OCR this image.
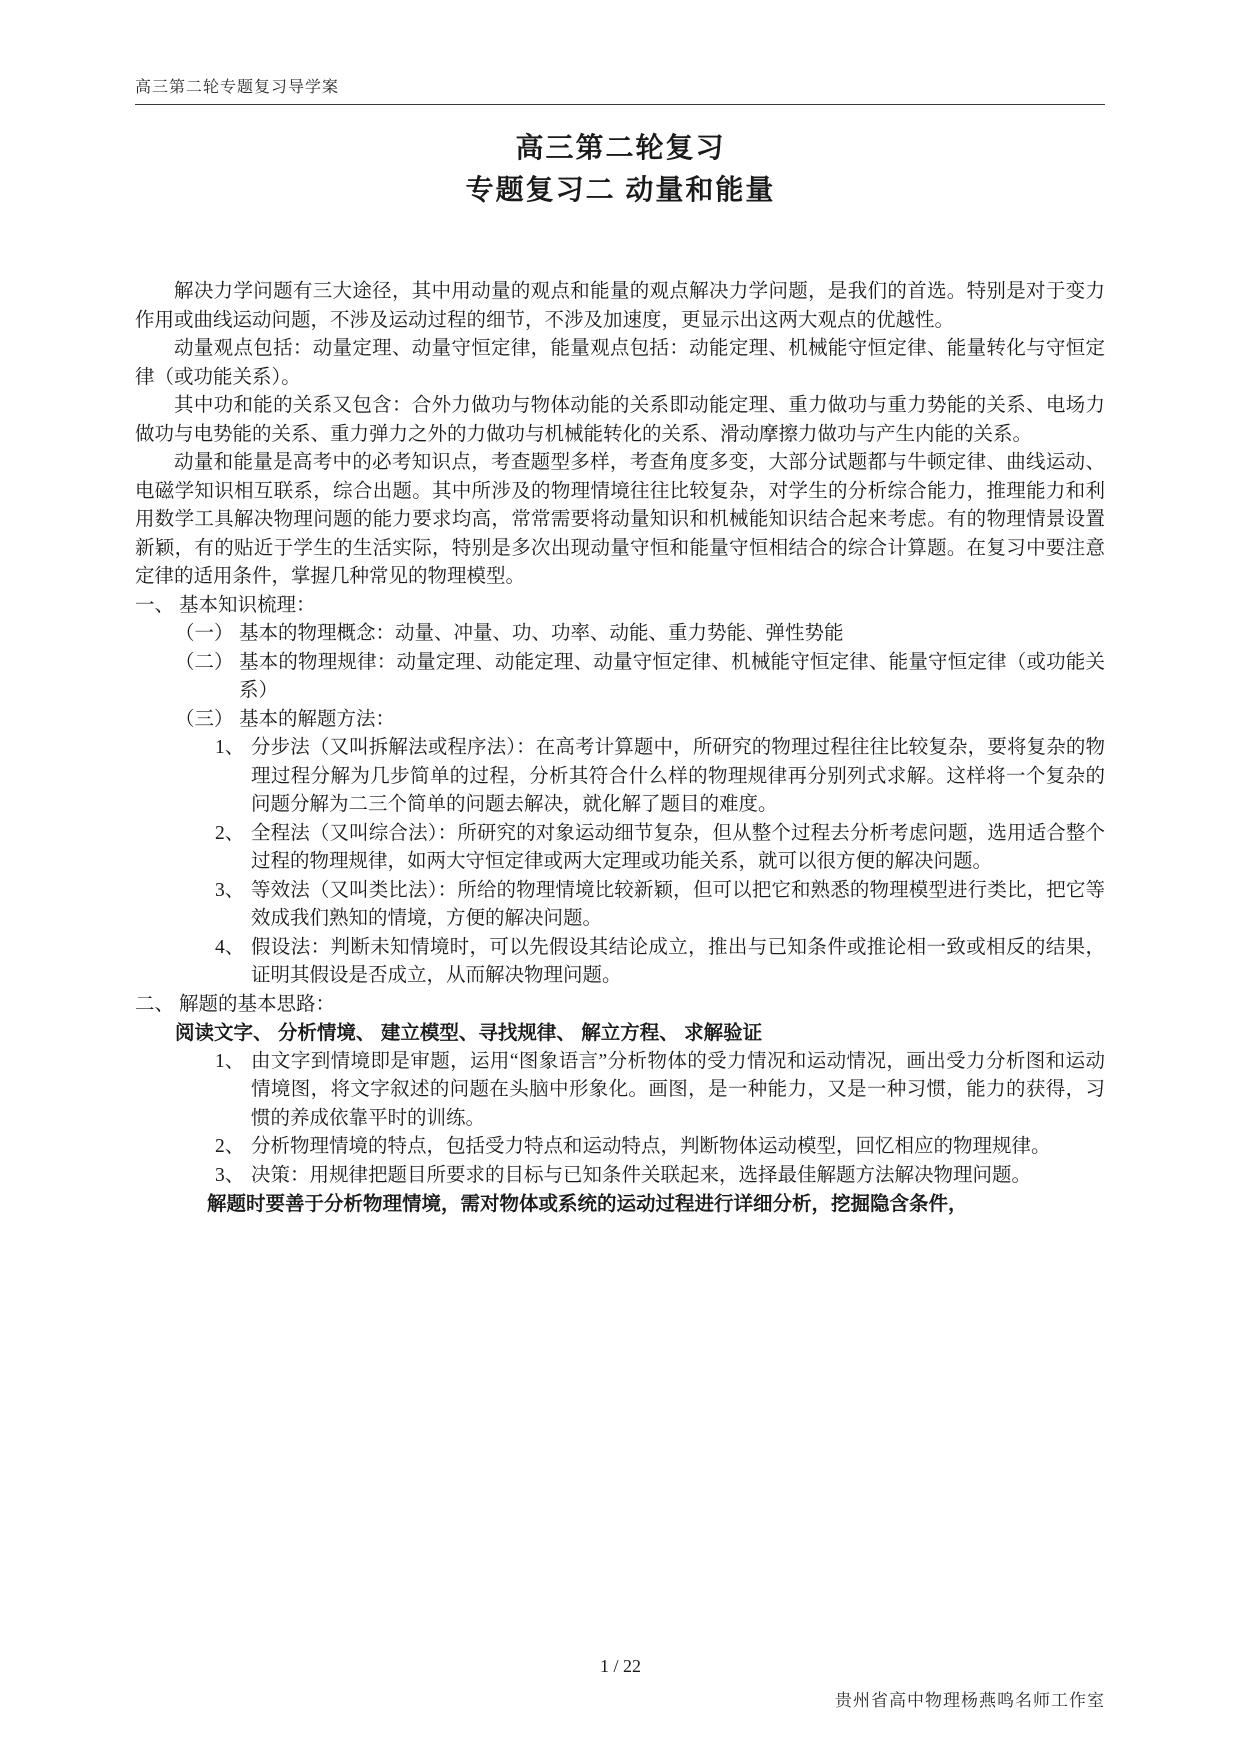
高三第二轮专题复习导学案
高三第二轮复习
专题复习二 动量和能量

解决力学问题有三大途径，其中用动量的观点和能量的观点解决力学问题，是我们的首选。特别是对于变力作用或曲线运动问题，不涉及运动过程的细节，不涉及加速度，更显示出这两大观点的优越性。

动量观点包括：动量定理、动量守恒定律，能量观点包括：动能定理、机械能守恒定律、能量转化与守恒定律（或功能关系）。

其中功和能的关系又包含：合外力做功与物体动能的关系即动能定理、重力做功与重力势能的关系、电场力做功与电势能的关系、重力弹力之外的力做功与机械能转化的关系、滑动摩擦力做功与产生内能的关系。

动量和能量是高考中的必考知识点，考查题型多样，考查角度多变，大部分试题都与牛顿定律、曲线运动、电磁学知识相互联系，综合出题。其中所涉及的物理情境往往比较复杂，对学生的分析综合能力，推理能力和利用数学工具解决物理问题的能力要求均高，常常需要将动量知识和机械能知识结合起来考虑。有的物理情景设置新颖，有的贴近于学生的生活实际，特别是多次出现动量守恒和能量守恒相结合的综合计算题。在复习中要注意定律的适用条件，掌握几种常见的物理模型。

一、 基本知识梳理：
（一） 基本的物理概念：动量、冲量、功、功率、动能、重力势能、弹性势能
（二） 基本的物理规律：动量定理、动能定理、动量守恒定律、机械能守恒定律、能量守恒定律（或功能关系）
（三） 基本的解题方法：
1、 分步法（又叫拆解法或程序法）：在高考计算题中，所研究的物理过程往往比较复杂，要将复杂的物理过程分解为几步简单的过程，分析其符合什么样的物理规律再分别列式求解。这样将一个复杂的问题分解为二三个简单的问题去解决，就化解了题目的难度。
2、 全程法（又叫综合法）：所研究的对象运动细节复杂，但从整个过程去分析考虑问题，选用适合整个过程的物理规律，如两大守恒定律或两大定理或功能关系，就可以很方便的解决问题。
3、 等效法（又叫类比法）：所给的物理情境比较新颖，但可以把它和熟悉的物理模型进行类比，把它等效成我们熟知的情境，方便的解决问题。
4、 假设法：判断未知情境时，可以先假设其结论成立，推出与已知条件或推论相一致或相反的结果，证明其假设是否成立，从而解决物理问题。
二、 解题的基本思路：
阅读文字、 分析情境、 建立模型、寻找规律、 解立方程、 求解验证
1、 由文字到情境即是审题，运用“图象语言”分析物体的受力情况和运动情况，画出受力分析图和运动情境图，将文字叙述的问题在头脑中形象化。画图，是一种能力，又是一种习惯，能力的获得，习惯的养成依靠平时的训练。
2、 分析物理情境的特点，包括受力特点和运动特点，判断物体运动模型，回忆相应的物理规律。
3、 决策：用规律把题目所要求的目标与已知条件关联起来，选择最佳解题方法解决物理问题。
解题时要善于分析物理情境，需对物体或系统的运动过程进行详细分析，挖掘隐含条件，
1 / 22
贵州省高中物理杨燕鸣名师工作室
